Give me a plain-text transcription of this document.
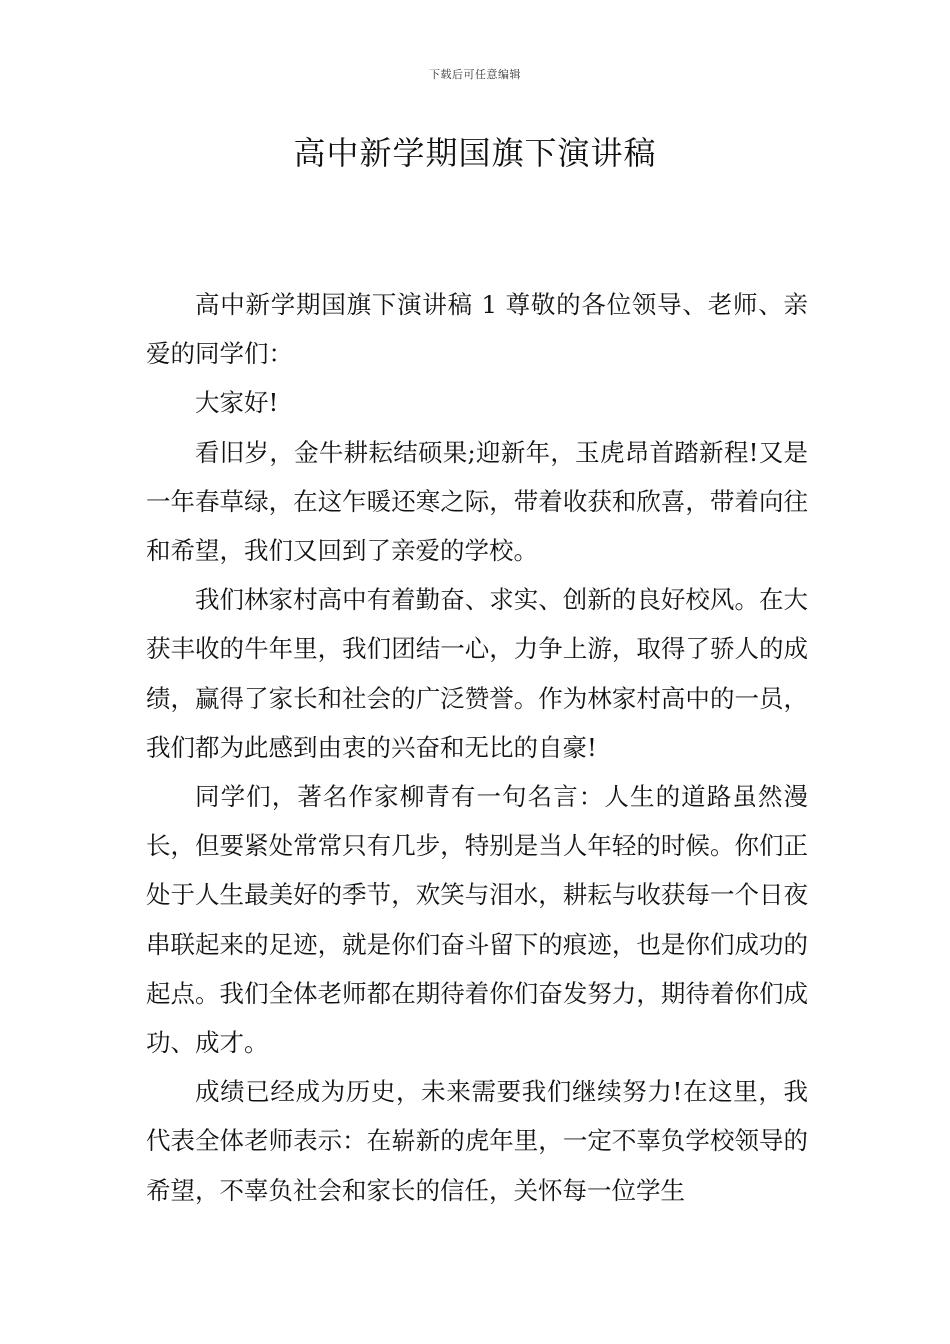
下载后可任意编辑
高中新学期国旗下演讲稿

高中新学期国旗下演讲稿 1 尊敬的各位领导、老师、亲爱的同学们：

大家好!

看旧岁，金牛耕耘结硕果;迎新年，玉虎昂首踏新程!又是一年春草绿，在这乍暖还寒之际，带着收获和欣喜，带着向往和希望，我们又回到了亲爱的学校。

我们林家村高中有着勤奋、求实、创新的良好校风。在大获丰收的牛年里，我们团结一心，力争上游，取得了骄人的成绩，赢得了家长和社会的广泛赞誉。作为林家村高中的一员，我们都为此感到由衷的兴奋和无比的自豪!

同学们，著名作家柳青有一句名言：人生的道路虽然漫长，但要紧处常常只有几步，特别是当人年轻的时候。你们正处于人生最美好的季节，欢笑与泪水，耕耘与收获每一个日夜串联起来的足迹，就是你们奋斗留下的痕迹，也是你们成功的起点。我们全体老师都在期待着你们奋发努力，期待着你们成功、成才。

成绩已经成为历史，未来需要我们继续努力!在这里，我代表全体老师表示：在崭新的虎年里，一定不辜负学校领导的希望，不辜负社会和家长的信任，关怀每一位学生
